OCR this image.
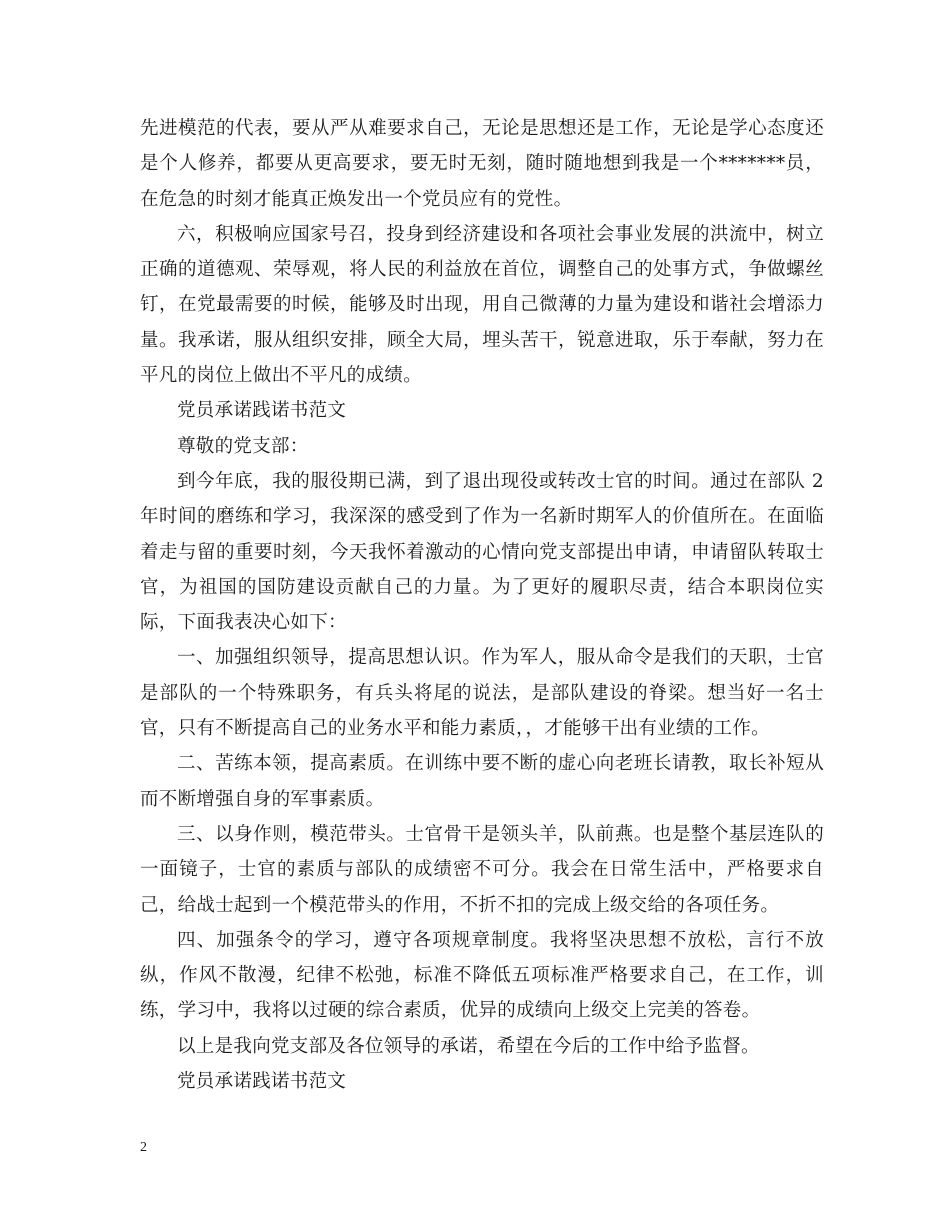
先进模范的代表，要从严从难要求自己，无论是思想还是工作，无论是学心态度还是个人修养，都要从更高要求，要无时无刻，随时随地想到我是一个*******员，在危急的时刻才能真正焕发出一个党员应有的党性。

六，积极响应国家号召，投身到经济建设和各项社会事业发展的洪流中，树立正确的道德观、荣辱观，将人民的利益放在首位，调整自己的处事方式，争做螺丝钉，在党最需要的时候，能够及时出现，用自己微薄的力量为建设和谐社会增添力量。我承诺，服从组织安排，顾全大局，埋头苦干，锐意进取，乐于奉献，努力在平凡的岗位上做出不平凡的成绩。

党员承诺践诺书范文

尊敬的党支部：

到今年底，我的服役期已满，到了退出现役或转改士官的时间。通过在部队 2 年时间的磨练和学习，我深深的感受到了作为一名新时期军人的价值所在。在面临着走与留的重要时刻，今天我怀着激动的心情向党支部提出申请，申请留队转取士官，为祖国的国防建设贡献自己的力量。为了更好的履职尽责，结合本职岗位实际，下面我表决心如下：

一、加强组织领导，提高思想认识。作为军人，服从命令是我们的天职，士官是部队的一个特殊职务，有兵头将尾的说法，是部队建设的脊梁。想当好一名士官，只有不断提高自己的业务水平和能力素质，，才能够干出有业绩的工作。

二、苦练本领，提高素质。在训练中要不断的虚心向老班长请教，取长补短从而不断增强自身的军事素质。

三、以身作则，模范带头。士官骨干是领头羊，队前燕。也是整个基层连队的一面镜子，士官的素质与部队的成绩密不可分。我会在日常生活中，严格要求自己，给战士起到一个模范带头的作用，不折不扣的完成上级交给的各项任务。

四、加强条令的学习，遵守各项规章制度。我将坚决思想不放松，言行不放纵，作风不散漫，纪律不松弛，标准不降低五项标准严格要求自己，在工作，训练，学习中，我将以过硬的综合素质，优异的成绩向上级交上完美的答卷。

以上是我向党支部及各位领导的承诺，希望在今后的工作中给予监督。

党员承诺践诺书范文

2
